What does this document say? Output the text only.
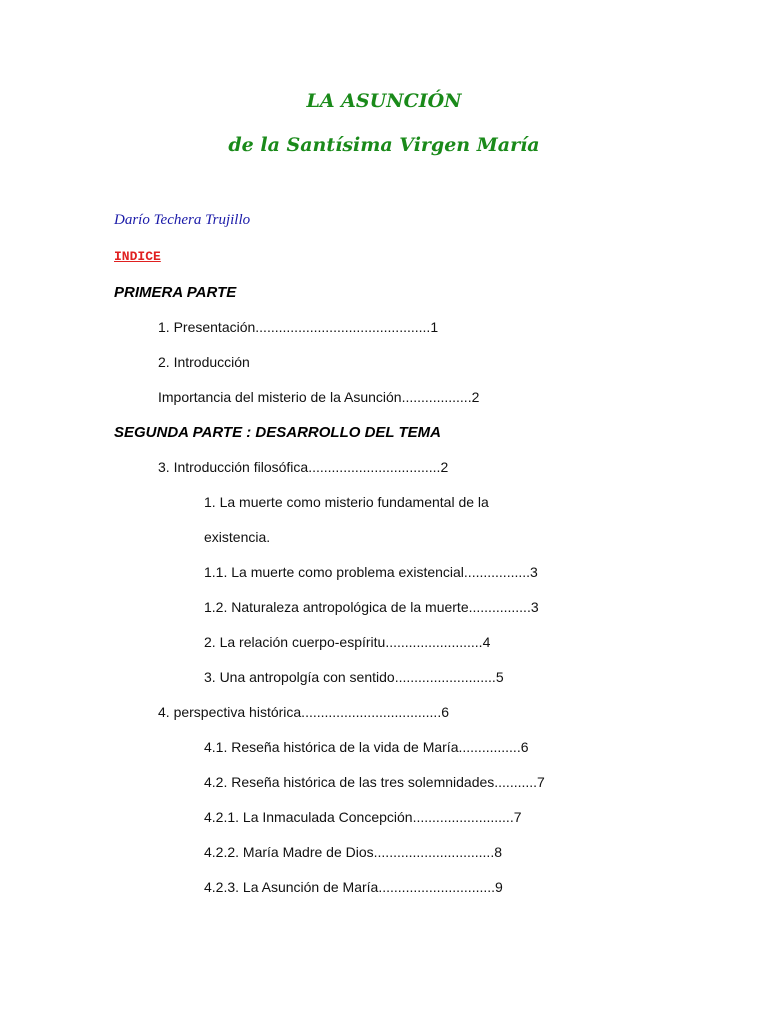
LA ASUNCIÓN
de la Santísima Virgen María
Darío Techera Trujillo
INDICE
PRIMERA PARTE
1. Presentación.............................................1
2. Introducción
Importancia del misterio de la Asunción..................2
SEGUNDA PARTE : DESARROLLO DEL TEMA
3. Introducción filosófica..................................2
1. La muerte como misterio fundamental de la
existencia.
1.1. La muerte como problema existencial.................3
1.2. Naturaleza antropológica de la muerte................3
2. La relación cuerpo-espíritu.........................4
3. Una antropolgía con sentido..........................5
4. perspectiva histórica....................................6
4.1. Reseña histórica de la vida de María................6
4.2. Reseña histórica de las tres solemnidades...........7
4.2.1. La Inmaculada Concepción..........................7
4.2.2. María Madre de Dios...............................8
4.2.3. La Asunción de María..............................9
